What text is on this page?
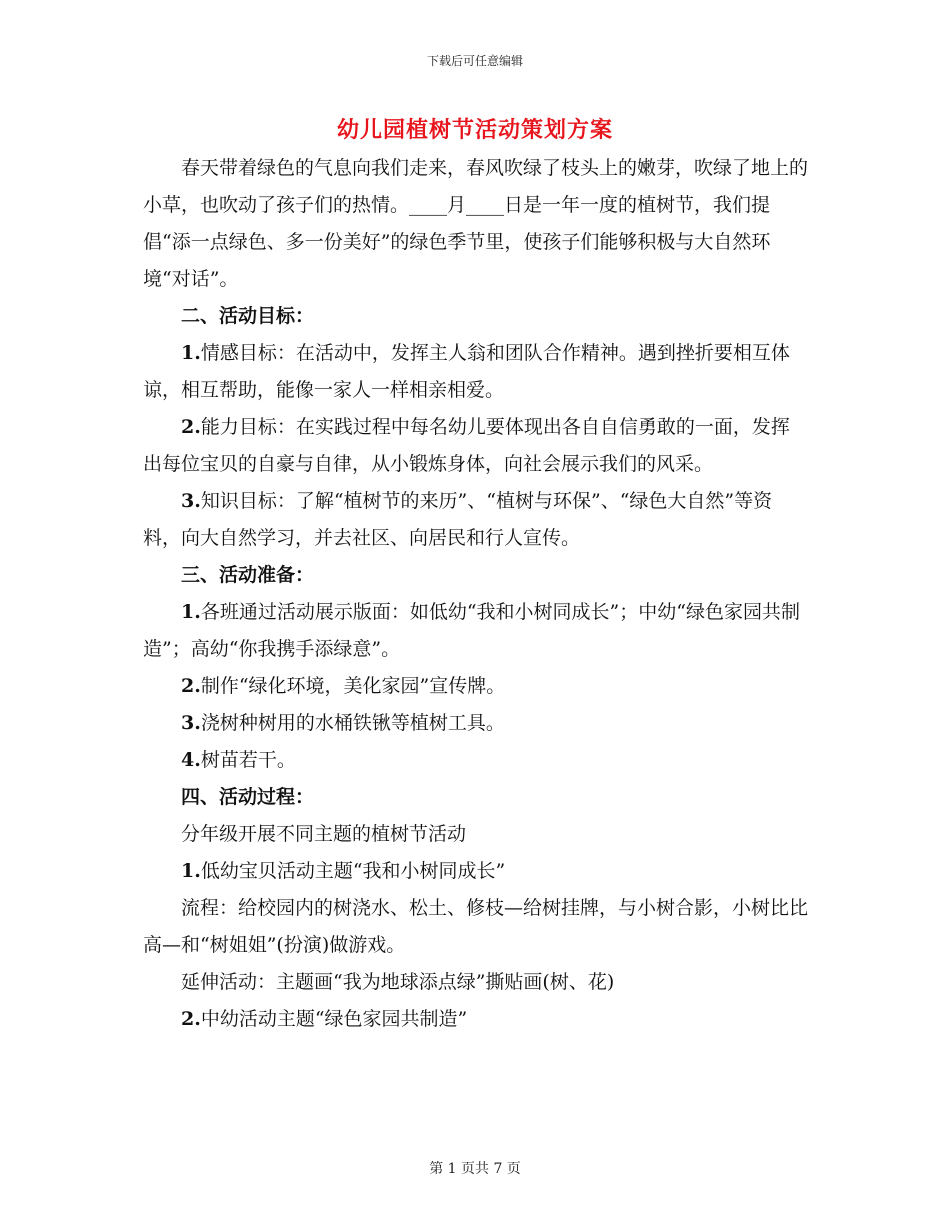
下载后可任意编辑
幼儿园植树节活动策划方案

春天带着绿色的气息向我们走来，春风吹绿了枝头上的嫩芽，吹绿了地上的小草，也吹动了孩子们的热情。____月____日是一年一度的植树节，我们提倡“添一点绿色、多一份美好”的绿色季节里，使孩子们能够积极与大自然环境“对话”。

二、活动目标：

1.情感目标：在活动中，发挥主人翁和团队合作精神。遇到挫折要相互体谅，相互帮助，能像一家人一样相亲相爱。

2.能力目标：在实践过程中每名幼儿要体现出各自自信勇敢的一面，发挥出每位宝贝的自豪与自律，从小锻炼身体，向社会展示我们的风采。

3.知识目标：了解“植树节的来历”、“植树与环保”、“绿色大自然”等资料，向大自然学习，并去社区、向居民和行人宣传。

三、活动准备：

1.各班通过活动展示版面：如低幼“我和小树同成长”；中幼“绿色家园共制造”；高幼“你我携手添绿意”。

2.制作“绿化环境，美化家园”宣传牌。

3.浇树种树用的水桶铁锹等植树工具。

4.树苗若干。

四、活动过程：

分年级开展不同主题的植树节活动

1.低幼宝贝活动主题“我和小树同成长”

流程：给校园内的树浇水、松土、修枝—给树挂牌，与小树合影，小树比比高—和“树姐姐”(扮演)做游戏。

延伸活动：主题画“我为地球添点绿”撕贴画(树、花)

2.中幼活动主题“绿色家园共制造”

第 1 页共 7 页
